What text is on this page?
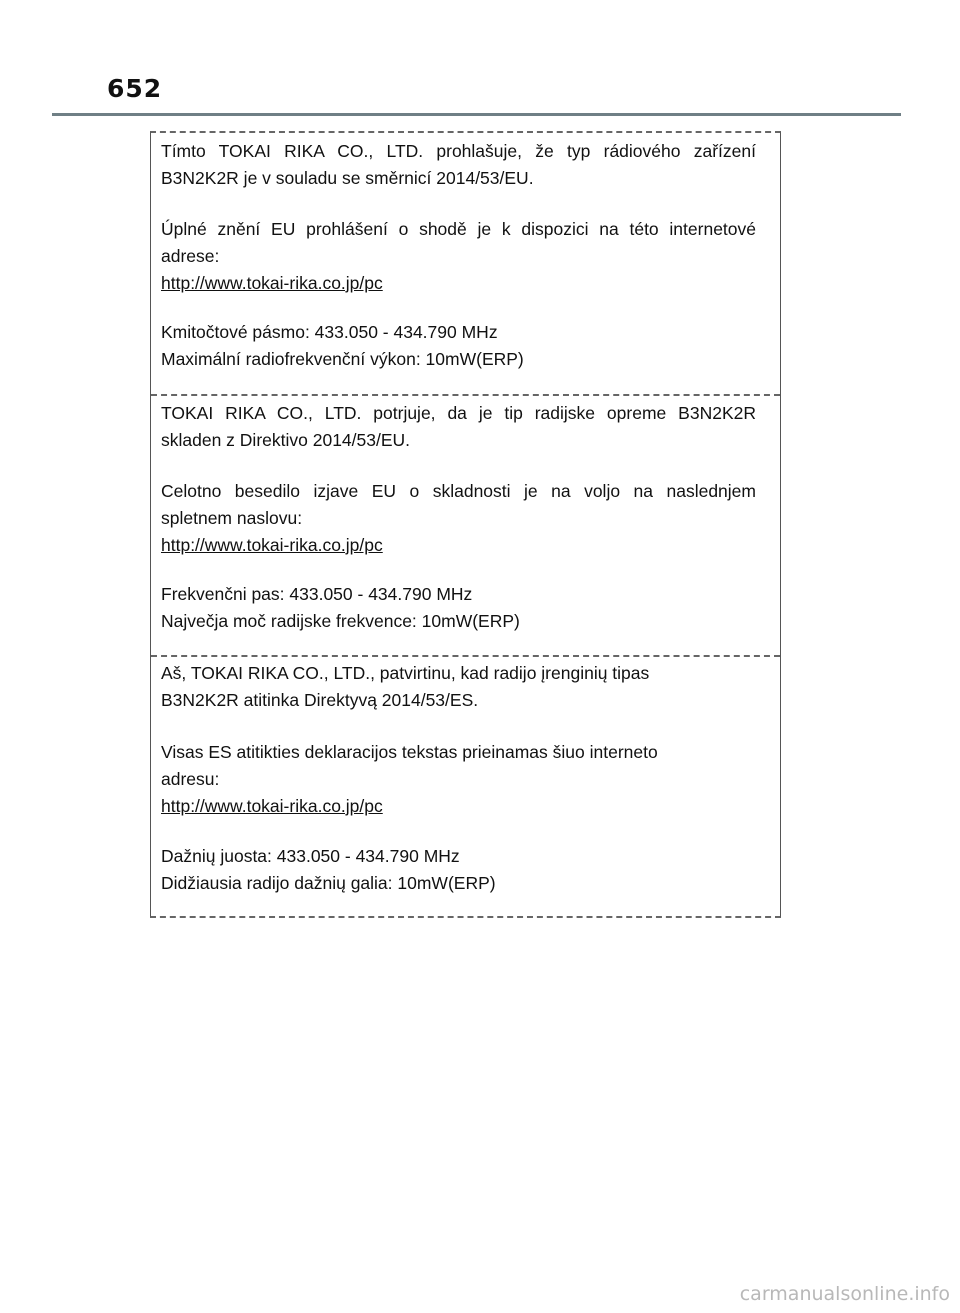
652
Tímto TOKAI RIKA CO., LTD. prohlašuje, že typ rádiového zařízení
B3N2K2R je v souladu se směrnicí 2014/53/EU.
Úplné znění EU prohlášení o shodě je k dispozici na této internetové
adrese:
http://www.tokai-rika.co.jp/pc
Kmitočtové pásmo: 433.050 - 434.790 MHz
Maximální radiofrekvenční výkon: 10mW(ERP)
TOKAI RIKA CO., LTD. potrjuje, da je tip radijske opreme B3N2K2R
skladen z Direktivo 2014/53/EU.
Celotno besedilo izjave EU o skladnosti je na voljo na naslednjem
spletnem naslovu:
http://www.tokai-rika.co.jp/pc
Frekvenčni pas: 433.050 - 434.790 MHz
Največja moč radijske frekvence: 10mW(ERP)
Aš, TOKAI RIKA CO., LTD., patvirtinu, kad radijo įrenginių tipas
B3N2K2R atitinka Direktyvą 2014/53/ES.
Visas ES atitikties deklaracijos tekstas prieinamas šiuo interneto
adresu:
http://www.tokai-rika.co.jp/pc
Dažnių juosta: 433.050 - 434.790 MHz
Didžiausia radijo dažnių galia: 10mW(ERP)
carmanualsonline.info
